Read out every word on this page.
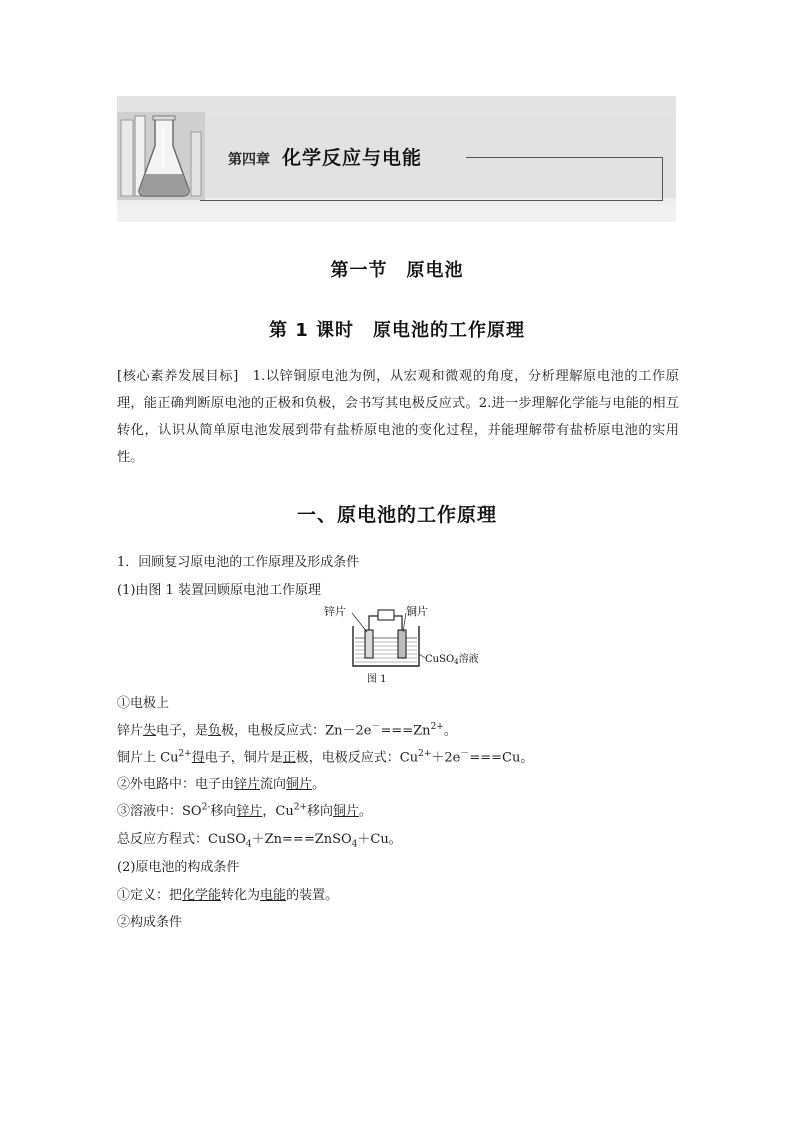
第四章 化学反应与电能
第一节　原电池
第 1 课时　原电池的工作原理
[核心素养发展目标]　1.以锌铜原电池为例，从宏观和微观的角度，分析理解原电池的工作原理，能正确判断原电池的正极和负极，会书写其电极反应式。2.进一步理解化学能与电能的相互转化，认识从简单原电池发展到带有盐桥原电池的变化过程，并能理解带有盐桥原电池的实用性。
一、原电池的工作原理
1．回顾复习原电池的工作原理及形成条件
(1)由图 1 装置回顾原电池工作原理
锌片	铜片
CuSO$_4$溶液
图 1
①电极上
锌片失电子，是负极，电极反应式：$Zn-2e^-===Zn^{2+}$。
铜片上 $Cu^{2+}$得电子，铜片是正极，电极反应式：$Cu^{2+}+2e^-===Cu$。
②外电路中：电子由锌片流向铜片。
③溶液中：$SO^{2-}$移向锌片，$Cu^{2+}$移向铜片。
总反应方程式：CuSO$_4$＋Zn===ZnSO$_4$＋Cu。
(2)原电池的构成条件
①定义：把化学能转化为电能的装置。
②构成条件
